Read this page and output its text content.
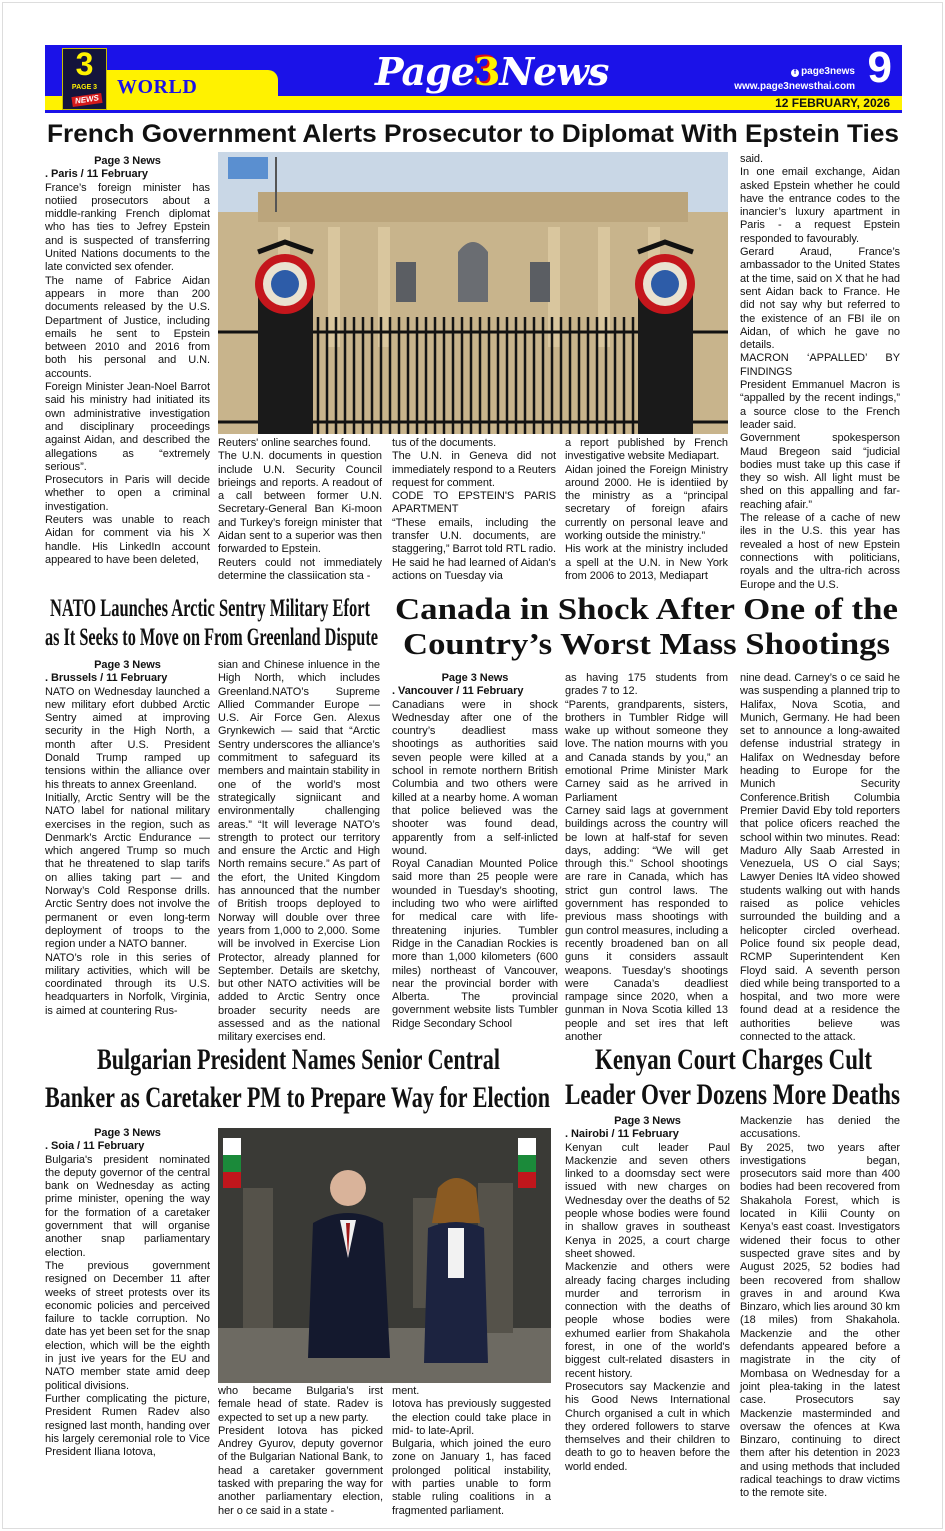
3
PAGE 3
NEWS
WORLD	Page3News	f page3news
www.page3newsthai.com 9
12 FEBRUARY, 2026
French Government Alerts Prosecutor to Diplomat With Epstein Ties

Page 3 News

. Paris / 11 February

France’s foreign minister has notiied prosecutors about a middle-ranking French diplomat who has ties to Jefrey Epstein and is suspected of transferring United Nations documents to the late convicted sex ofender.

The name of Fabrice Aidan appears in more than 200 documents released by the U.S. Department of Justice, including emails he sent to Epstein between 2010 and 2016 from both his personal and U.N. accounts.

Foreign Minister Jean-Noel Barrot said his ministry had initiated its own administrative investigation and disciplinary proceedings against Aidan, and described the allegations as “extremely serious”.

Prosecutors in Paris will decide whether to open a criminal investigation.

Reuters was unable to reach Aidan for comment via his X handle. His LinkedIn account appeared to have been deleted,

Reuters' online searches found.

The U.N. documents in question include U.N. Security Council brieings and reports. A readout of a call between former U.N. Secretary-General Ban Ki-moon and Turkey’s foreign minister that Aidan sent to a superior was then forwarded to Epstein.

Reuters could not immediately determine the classiication sta -

tus of the documents.

The U.N. in Geneva did not immediately respond to a Reuters request for comment.

CODE TO EPSTEIN'S PARIS APARTMENT

“These emails, including the transfer U.N. documents, are staggering,” Barrot told RTL radio. He said he had learned of Aidan's actions on Tuesday via

a report published by French investigative website Mediapart.

Aidan joined the Foreign Ministry around 2000. He is identiied by the ministry as a “principal secretary of foreign afairs currently on personal leave and working outside the ministry.”

His work at the ministry included a spell at the U.N. in New York from 2006 to 2013, Mediapart

said.

In one email exchange, Aidan asked Epstein whether he could have the entrance codes to the inancier’s luxury apartment in Paris - a request Epstein responded to favourably.

Gerard Araud, France’s ambassador to the United States at the time, said on X that he had sent Aidan back to France. He did not say why but referred to the existence of an FBI ile on Aidan, of which he gave no details.

MACRON ‘APPALLED’ BY FINDINGS

President Emmanuel Macron is “appalled by the recent indings,” a source close to the French leader said.

Government spokesperson Maud Bregeon said “judicial bodies must take up this case if they so wish. All light must be shed on this appalling and far-reaching afair.”

The release of a cache of new iles in the U.S. this year has revealed a host of new Epstein connections with politicians, royals and the ultra-rich across Europe and the U.S.

NATO Launches Arctic Sentry Military Efort
as It Seeks to Move on From Greenland Dispute

Page 3 News

. Brussels / 11 February

NATO on Wednesday launched a new military efort dubbed Arctic Sentry aimed at improving security in the High North, a month after U.S. President Donald Trump ramped up tensions within the alliance over his threats to annex Greenland.

Initially, Arctic Sentry will be the NATO label for national military exercises in the region, such as Denmark’s Arctic Endurance — which angered Trump so much that he threatened to slap tarifs on allies taking part — and Norway’s Cold Response drills. Arctic Sentry does not involve the permanent or even long-term deployment of troops to the region under a NATO banner.

NATO’s role in this series of military activities, which will be coordinated through its U.S. headquarters in Norfolk, Virginia, is aimed at countering Rus-

sian and Chinese inluence in the High North, which includes Greenland.NATO’s Supreme Allied Commander Europe — U.S. Air Force Gen. Alexus Grynkewich — said that “Arctic Sentry underscores the alliance’s commitment to safeguard its members and maintain stability in one of the world’s most strategically signiicant and environmentally challenging areas.” “It will leverage NATO’s strength to protect our territory and ensure the Arctic and High North remains secure.” As part of the efort, the United Kingdom has announced that the number of British troops deployed to Norway will double over three years from 1,000 to 2,000. Some will be involved in Exercise Lion Protector, already planned for September. Details are sketchy, but other NATO activities will be added to Arctic Sentry once broader security needs are assessed and as the national military exercises end.

Canada in Shock After One of the
Country’s Worst Mass Shootings

Page 3 News

. Vancouver / 11 February

Canadians were in shock Wednesday after one of the country’s deadliest mass shootings as authorities said seven people were killed at a school in remote northern British Columbia and two others were killed at a nearby home. A woman that police believed was the shooter was found dead, apparently from a self-inlicted wound.

Royal Canadian Mounted Police said more than 25 people were wounded in Tuesday’s shooting, including two who were airlifted for medical care with life-threatening injuries. Tumbler Ridge in the Canadian Rockies is more than 1,000 kilometers (600 miles) northeast of Vancouver, near the provincial border with Alberta. The provincial government website lists Tumbler Ridge Secondary School

as having 175 students from grades 7 to 12.

“Parents, grandparents, sisters, brothers in Tumbler Ridge will wake up without someone they love. The nation mourns with you and Canada stands by you,” an emotional Prime Minister Mark Carney said as he arrived in Parliament

Carney said lags at government buildings across the country will be lown at half-staf for seven days, adding: “We will get through this.” School shootings are rare in Canada, which has strict gun control laws. The government has responded to previous mass shootings with gun control measures, including a recently broadened ban on all guns it considers assault weapons. Tuesday’s shootings were Canada’s deadliest rampage since 2020, when a gunman in Nova Scotia killed 13 people and set ires that left another

nine dead. Carney’s o ce said he was suspending a planned trip to Halifax, Nova Scotia, and Munich, Germany. He had been set to announce a long-awaited defense industrial strategy in Halifax on Wednesday before heading to Europe for the Munich Security Conference.British Columbia Premier David Eby told reporters that police oficers reached the school within two minutes. Read: Maduro Ally Saab Arrested in Venezuela, US O cial Says; Lawyer Denies ItA video showed students walking out with hands raised as police vehicles surrounded the building and a helicopter circled overhead. Police found six people dead, RCMP Superintendent Ken Floyd said. A seventh person died while being transported to a hospital, and two more were found dead at a residence the authorities believe was connected to the attack.

Bulgarian President Names Senior Central
Banker as Caretaker PM to Prepare Way for Election

Page 3 News

. Soia / 11 February

Bulgaria's president nominated the deputy governor of the central bank on Wednesday as acting prime minister, opening the way for the formation of a caretaker government that will organise another snap parliamentary election.

The previous government resigned on December 11 after weeks of street protests over its economic policies and perceived failure to tackle corruption. No date has yet been set for the snap election, which will be the eighth in just ive years for the EU and NATO member state amid deep political divisions.

Further complicating the picture, President Rumen Radev also resigned last month, handing over his largely ceremonial role to Vice President Iliana Iotova,

who became Bulgaria’s irst female head of state. Radev is expected to set up a new party.

President Iotova has picked Andrey Gyurov, deputy governor of the Bulgarian National Bank, to head a caretaker government tasked with preparing the way for another parliamentary election, her o ce said in a state -

ment.

Iotova has previously suggested the election could take place in mid- to late-April.

Bulgaria, which joined the euro zone on January 1, has faced prolonged political instability, with parties unable to form stable ruling coalitions in a fragmented parliament.

Kenyan Court Charges Cult
Leader Over Dozens More Deaths

Page 3 News

. Nairobi / 11 February

Kenyan cult leader Paul Mackenzie and seven others linked to a doomsday sect were issued with new charges on Wednesday over the deaths of 52 people whose bodies were found in shallow graves in southeast Kenya in 2025, a court charge sheet showed.

Mackenzie and others were already facing charges including murder and terrorism in connection with the deaths of people whose bodies were exhumed earlier from Shakahola forest, in one of the world's biggest cult-related disasters in recent history.

Prosecutors say Mackenzie and his Good News International Church organised a cult in which they ordered followers to starve themselves and their children to death to go to heaven before the world ended.

Mackenzie has denied the accusations.

By 2025, two years after investigations began, prosecutors said more than 400 bodies had been recovered from Shakahola Forest, which is located in Kilii County on Kenya’s east coast. Investigators widened their focus to other suspected grave sites and by August 2025, 52 bodies had been recovered from shallow graves in and around Kwa Binzaro, which lies around 30 km (18 miles) from Shakahola. Mackenzie and the other defendants appeared before a magistrate in the city of Mombasa on Wednesday for a joint plea-taking in the latest case. Prosecutors say Mackenzie masterminded and oversaw the ofences at Kwa Binzaro, continuing to direct them after his detention in 2023 and using methods that included radical teachings to draw victims to the remote site.
